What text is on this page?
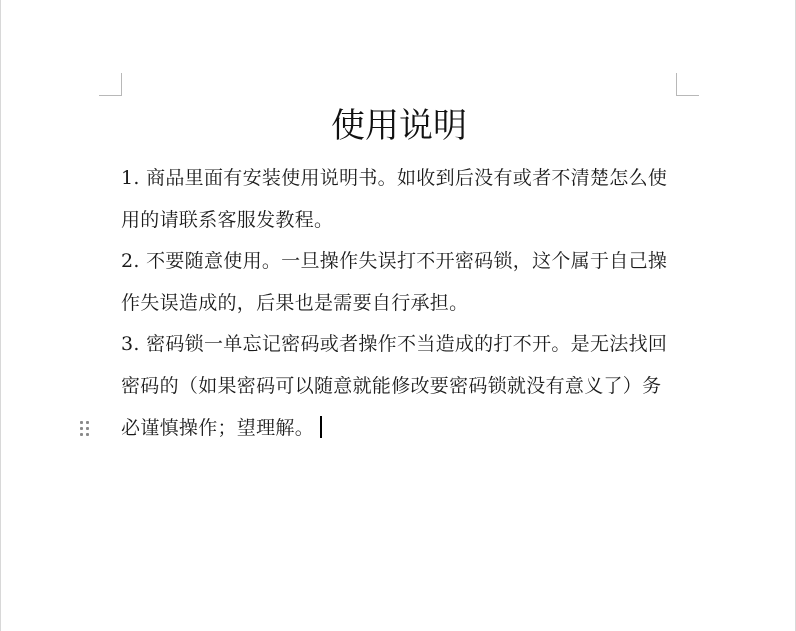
使用说明

1. 商品里面有安装使用说明书。如收到后没有或者不清楚怎么使用的请联系客服发教程。

2. 不要随意使用。一旦操作失误打不开密码锁，这个属于自己操作失误造成的，后果也是需要自行承担。

3. 密码锁一单忘记密码或者操作不当造成的打不开。是无法找回密码的（如果密码可以随意就能修改要密码锁就没有意义了）务必谨慎操作；望理解。
